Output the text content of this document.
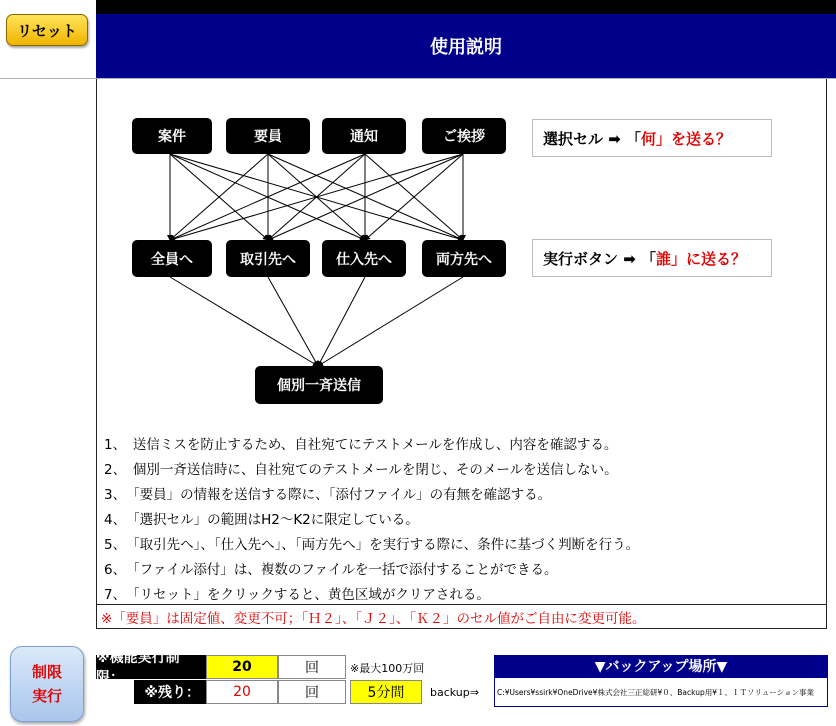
使用説明
リセット
案件	要員	通知	ご挨拶
全員へ	取引先へ	仕入先へ	両方先へ
個別一斉送信
選択セル ➡ 「 何 」を送る？
実行ボタン ➡ 「 誰 」に送る？
1、　送信ミスを防止するため、自社宛てにテストメールを作成し、内容を確認する。
2、　個別一斉送信時に、自社宛てのテストメールを閉じ、そのメールを送信しない。
3、　「要員」の情報を送信する際に、「添付ファイル」の有無を確認する。
4、　「選択セル」の範囲はH2～K2に限定している。
5、　「取引先へ」、「仕入先へ」、「両方先へ」を実行する際に、条件に基づく判断を行う。
6、　「ファイル添付」は、複数のファイルを一括で添付することができる。
7、　「リセット」をクリックすると、黄色区域がクリアされる。
※「要員」は固定値、変更不可；「Ｈ２」、「Ｊ２」、「Ｋ２」のセル値がご自由に変更可能。
制限
実行
※機能実行制限：
20	回	※最大100万回
※残り：	20	回	5分間	backup⇒
▼バックアップ場所▼
C:¥Users¥ssirk¥OneDrive¥株式会社三正総研¥０、Backup用¥１、ＩＴソリューション事業
